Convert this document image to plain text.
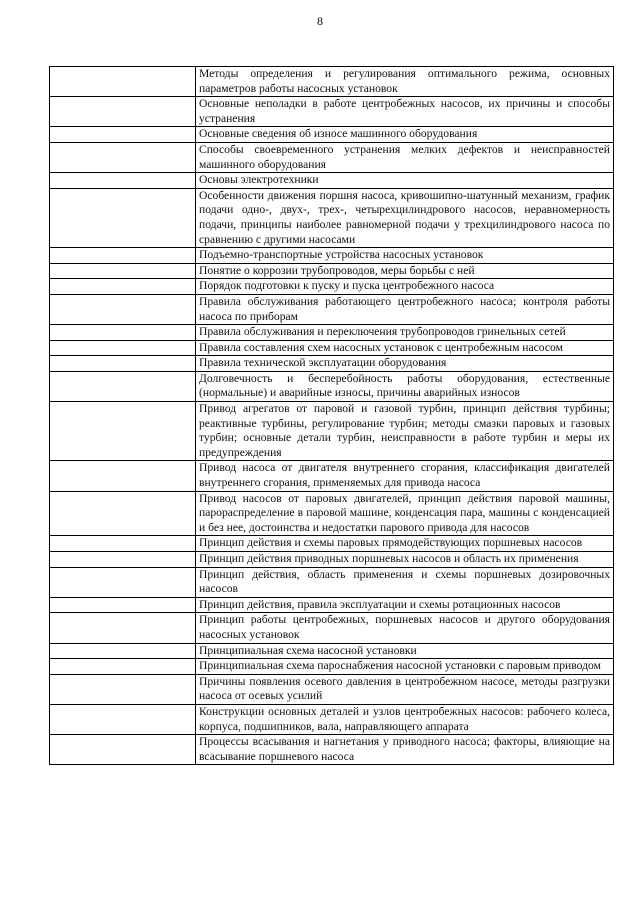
8

	Методы определения и регулирования оптимального режима, основных параметров работы насосных установок

	Основные неполадки в работе центробежных насосов, их причины и способы устранения

	Основные сведения об износе машинного оборудования

	Способы своевременного устранения мелких дефектов и неисправностей машинного оборудования

	Основы электротехники

	Особенности движения поршня насоса, кривошипно-шатунный механизм, график подачи одно-, двух-, трех-, четырехцилиндрового насосов, неравномерность подачи, принципы наиболее равномерной подачи у трехцилиндрового насоса по сравнению с другими насосами

	Подъемно-транспортные устройства насосных установок

	Понятие о коррозии трубопроводов, меры борьбы с ней

	Порядок подготовки к пуску и пуска центробежного насоса

	Правила обслуживания работающего центробежного насоса; контроля работы насоса по приборам

	Правила обслуживания и переключения трубопроводов гринельных сетей

	Правила составления схем насосных установок с центробежным насосом

	Правила технической эксплуатации оборудования

	Долговечность и бесперебойность работы оборудования, естественные (нормальные) и аварийные износы, причины аварийных износов

	Привод агрегатов от паровой и газовой турбин, принцип действия турбины; реактивные турбины, регулирование турбин; методы смазки паровых и газовых турбин; основные детали турбин, неисправности в работе турбин и меры их предупреждения

	Привод насоса от двигателя внутреннего сгорания, классификация двигателей внутреннего сгорания, применяемых для привода насоса

	Привод насосов от паровых двигателей, принцип действия паровой машины, парораспределение в паровой машине, конденсация пара, машины с конденсацией и без нее, достоинства и недостатки парового привода для насосов

	Принцип действия и схемы паровых прямодействующих поршневых насосов

	Принцип действия приводных поршневых насосов и область их применения

	Принцип действия, область применения и схемы поршневых дозировочных насосов

	Принцип действия, правила эксплуатации и схемы ротационных насосов

	Принцип работы центробежных, поршневых насосов и другого оборудования насосных установок

	Принципиальная схема насосной установки

	Принципиальная схема пароснабжения насосной установки с паровым приводом

	Причины появления осевого давления в центробежном насосе, методы разгрузки насоса от осевых усилий

	Конструкции основных деталей и узлов центробежных насосов: рабочего колеса, корпуса, подшипников, вала, направляющего аппарата

	Процессы всасывания и нагнетания у приводного насоса; факторы, влияющие на всасывание поршневого насоса
